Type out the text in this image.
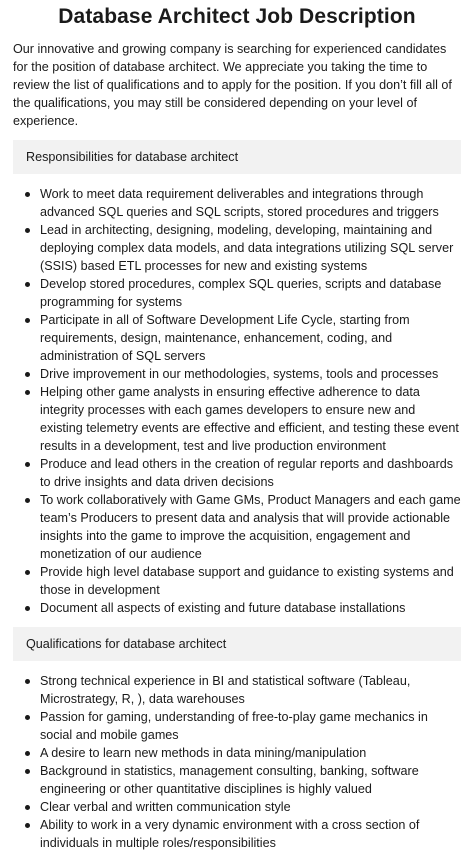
Database Architect Job Description

Our innovative and growing company is searching for experienced candidates for the position of database architect. We appreciate you taking the time to review the list of qualifications and to apply for the position. If you don’t fill all of the qualifications, you may still be considered depending on your level of experience.

Responsibilities for database architect
Work to meet data requirement deliverables and integrations through advanced SQL queries and SQL scripts, stored procedures and triggers
Lead in architecting, designing, modeling, developing, maintaining and deploying complex data models, and data integrations utilizing SQL server (SSIS) based ETL processes for new and existing systems
Develop stored procedures, complex SQL queries, scripts and database programming for systems
Participate in all of Software Development Life Cycle, starting from requirements, design, maintenance, enhancement, coding, and administration of SQL servers
Drive improvement in our methodologies, systems, tools and processes
Helping other game analysts in ensuring effective adherence to data integrity processes with each games developers to ensure new and existing telemetry events are effective and efficient, and testing these event results in a development, test and live production environment
Produce and lead others in the creation of regular reports and dashboards to drive insights and data driven decisions
To work collaboratively with Game GMs, Product Managers and each game team’s Producers to present data and analysis that will provide actionable insights into the game to improve the acquisition, engagement and monetization of our audience
Provide high level database support and guidance to existing systems and those in development
Document all aspects of existing and future database installations
Qualifications for database architect
Strong technical experience in BI and statistical software (Tableau, Microstrategy, R, ), data warehouses
Passion for gaming, understanding of free-to-play game mechanics in social and mobile games
A desire to learn new methods in data mining/manipulation
Background in statistics, management consulting, banking, software engineering or other quantitative disciplines is highly valued
Clear verbal and written communication style
Ability to work in a very dynamic environment with a cross section of individuals in multiple roles/responsibilities
